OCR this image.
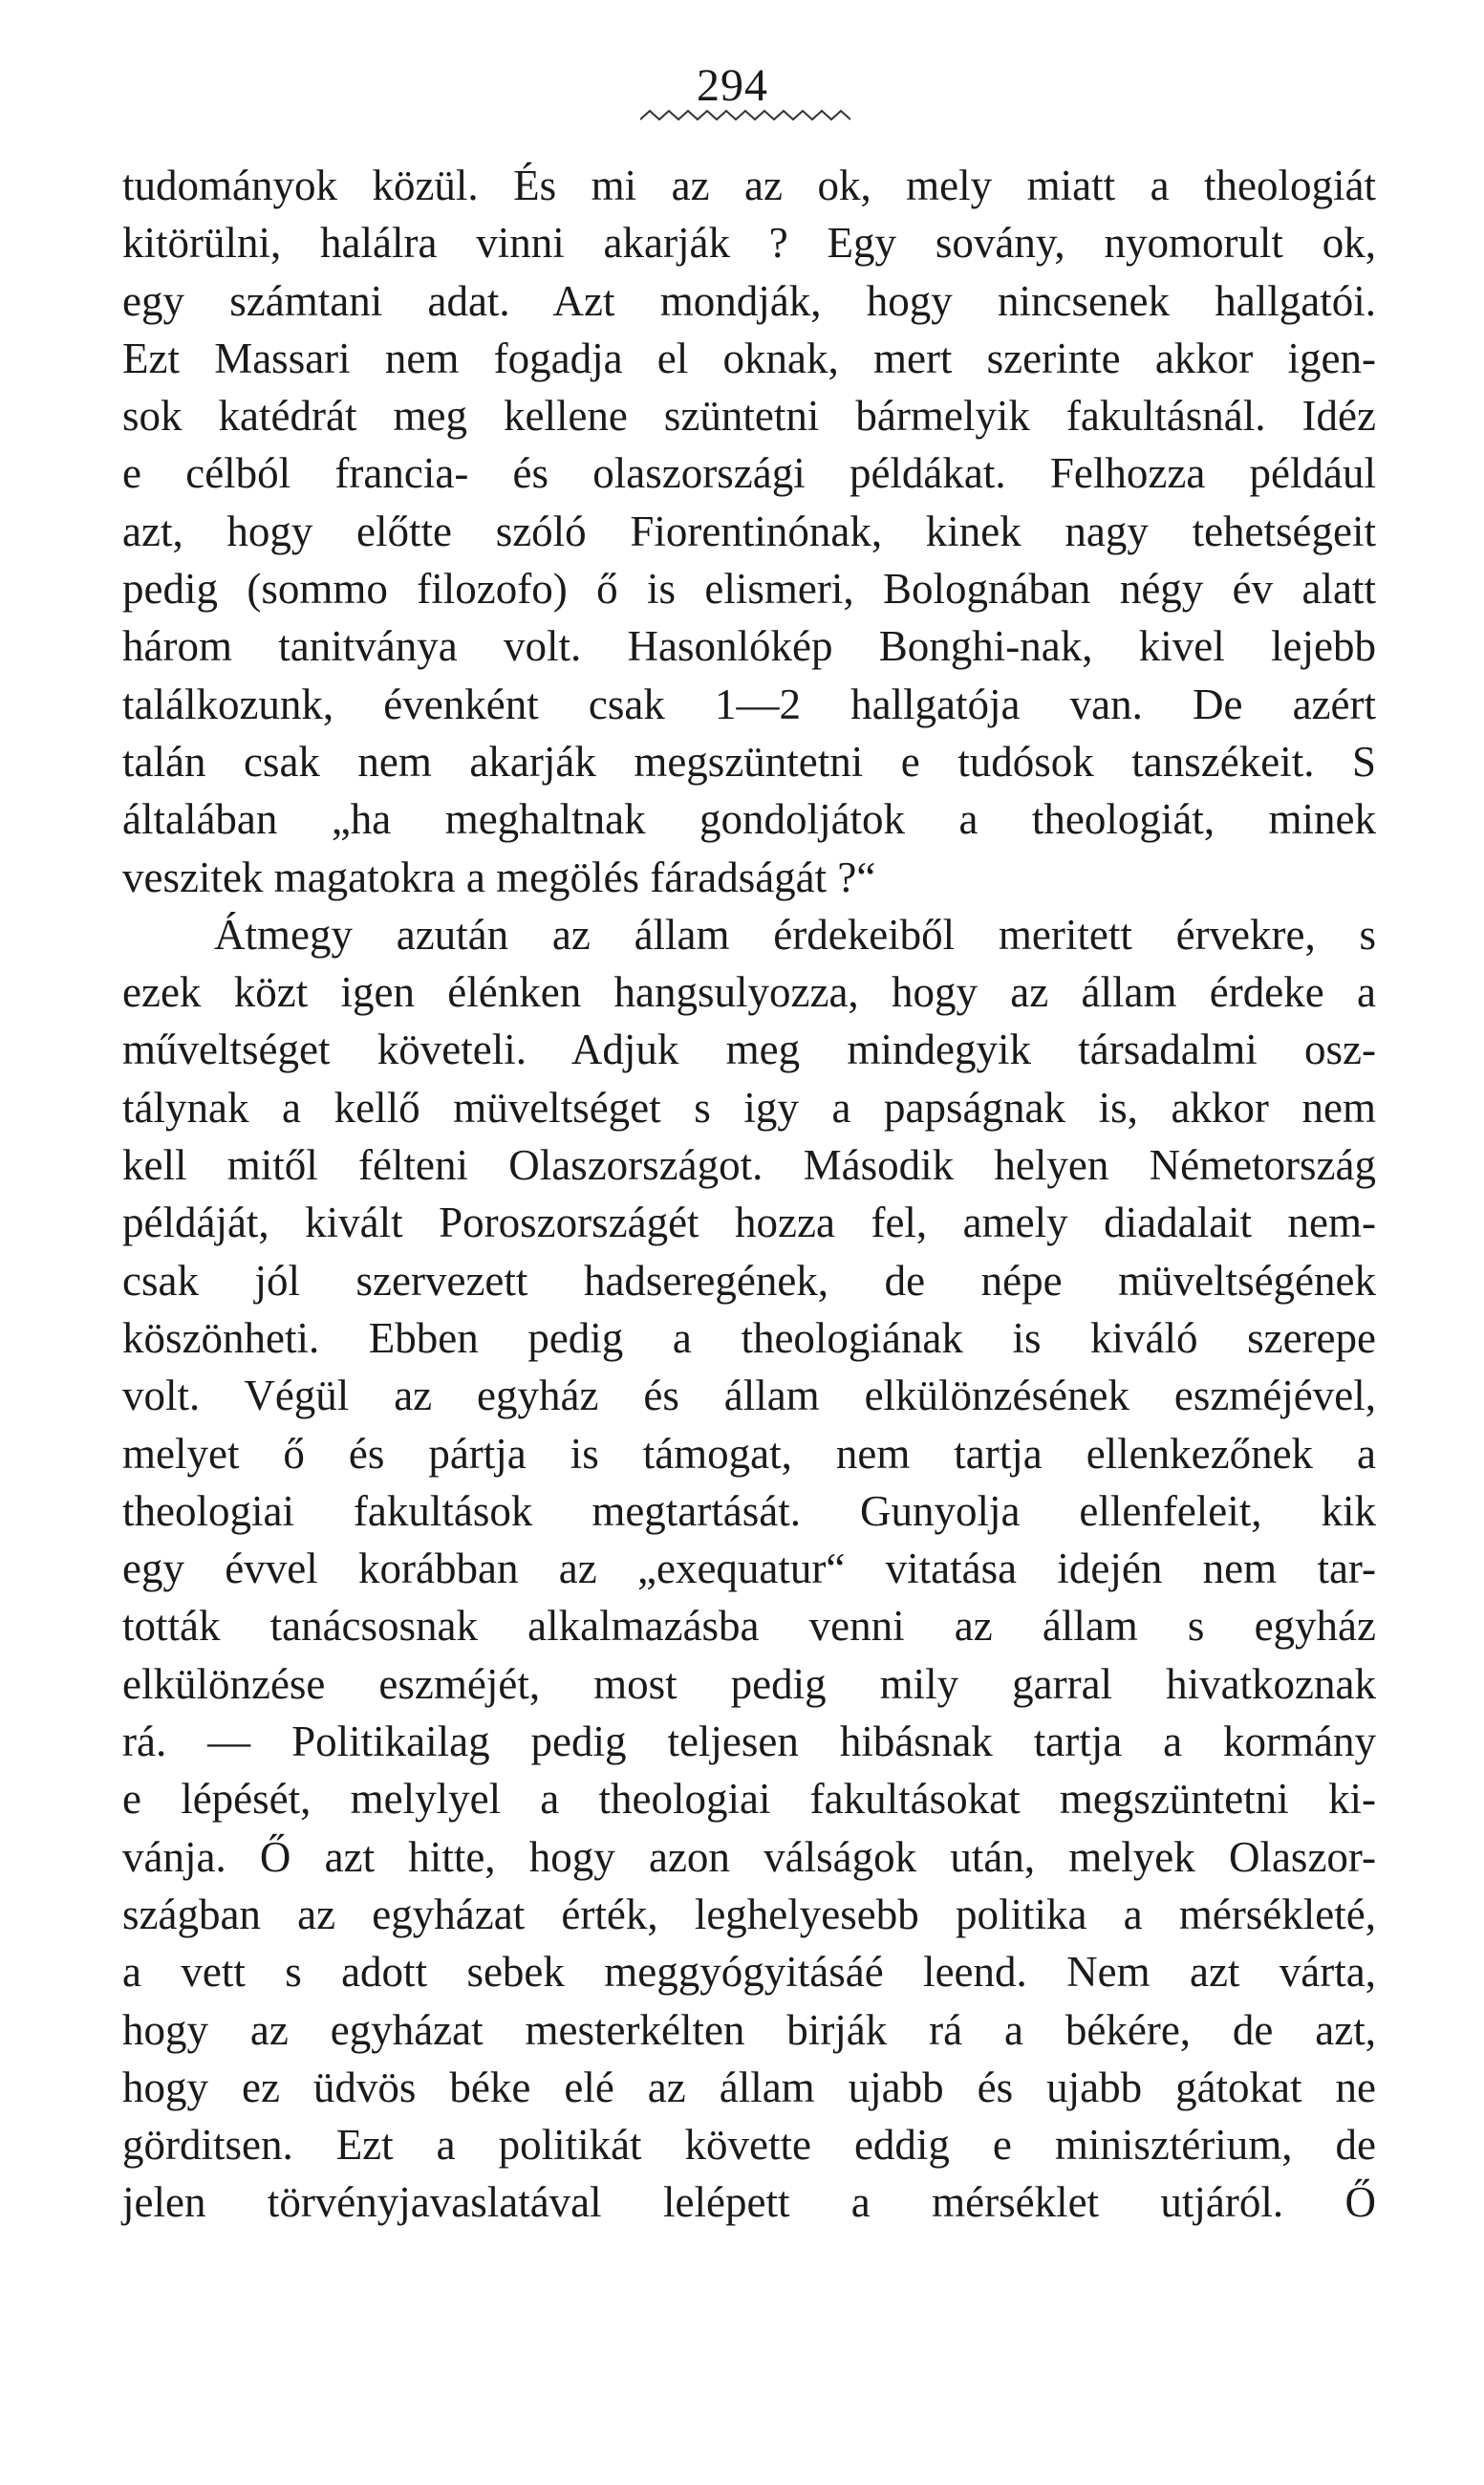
294
tudományok közül. És mi az az ok, mely miatt a theologiát
kitörülni, halálra vinni akarják ? Egy sovány, nyomorult ok,
egy számtani adat. Azt mondják, hogy nincsenek hallgatói.
Ezt Massari nem fogadja el oknak, mert szerinte akkor igen-
sok katédrát meg kellene szüntetni bármelyik fakultásnál. Idéz
e célból francia- és olaszországi példákat. Felhozza például
azt, hogy előtte szóló Fiorentinónak, kinek nagy tehetségeit
pedig (sommo filozofo) ő is elismeri, Bolognában négy év alatt
három tanitványa volt. Hasonlókép Bonghi-nak, kivel lejebb
találkozunk, évenként csak 1—2 hallgatója van. De azért
talán csak nem akarják megszüntetni e tudósok tanszékeit. S
általában „ha meghaltnak gondoljátok a theologiát, minek
veszitek magatokra a megölés fáradságát ?“
Átmegy azután az állam érdekeiből meritett érvekre, s
ezek közt igen élénken hangsulyozza, hogy az állam érdeke a
műveltséget követeli. Adjuk meg mindegyik társadalmi osz-
tálynak a kellő müveltséget s igy a papságnak is, akkor nem
kell mitől félteni Olaszországot. Második helyen Németország
példáját, kivált Poroszországét hozza fel, amely diadalait nem-
csak jól szervezett hadseregének, de népe müveltségének
köszönheti. Ebben pedig a theologiának is kiváló szerepe
volt. Végül az egyház és állam elkülönzésének eszméjével,
melyet ő és pártja is támogat, nem tartja ellenkezőnek a
theologiai fakultások megtartását. Gunyolja ellenfeleit, kik
egy évvel korábban az „exequatur“ vitatása idején nem tar-
tották tanácsosnak alkalmazásba venni az állam s egyház
elkülönzése eszméjét, most pedig mily garral hivatkoznak
rá. — Politikailag pedig teljesen hibásnak tartja a kormány
e lépését, melylyel a theologiai fakultásokat megszüntetni ki-
vánja. Ő azt hitte, hogy azon válságok után, melyek Olaszor-
szágban az egyházat érték, leghelyesebb politika a mérsékleté,
a vett s adott sebek meggyógyitásáé leend. Nem azt várta,
hogy az egyházat mesterkélten birják rá a békére, de azt,
hogy ez üdvös béke elé az állam ujabb és ujabb gátokat ne
görditsen. Ezt a politikát követte eddig e minisztérium, de
jelen törvényjavaslatával lelépett a mérséklet utjáról. Ő
